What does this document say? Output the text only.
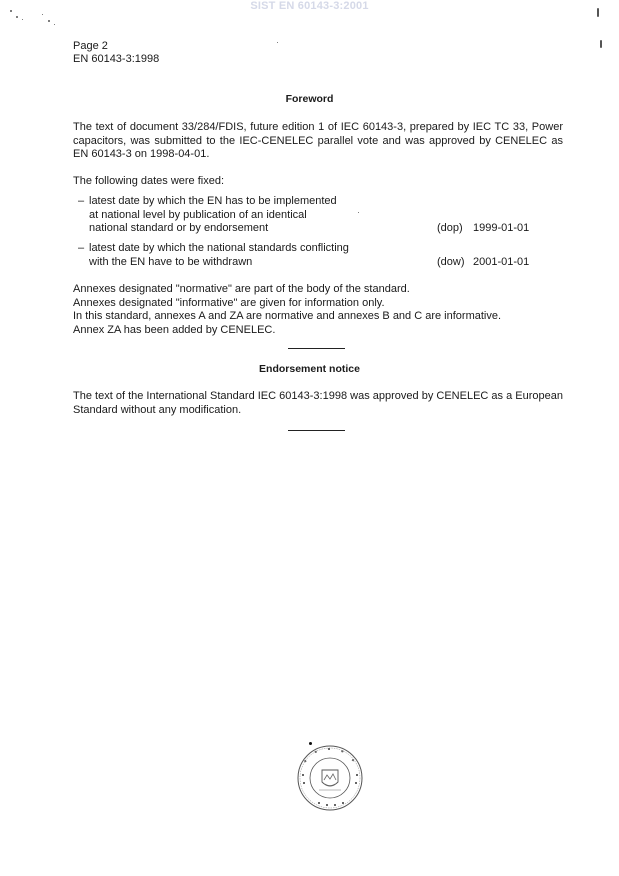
SIST EN 60143-3:2001
Page 2
EN 60143-3:1998
Foreword
The text of document 33/284/FDIS, future edition 1 of IEC 60143-3, prepared by IEC TC 33, Power capacitors, was submitted to the IEC-CENELEC parallel vote and was approved by CENELEC as EN 60143-3 on 1998-04-01.
The following dates were fixed:
– latest date by which the EN has to be implemented
at national level by publication of an identical
national standard or by endorsement	(dop) 1999-01-01
– latest date by which the national standards conflicting
with the EN have to be withdrawn	(dow) 2001-01-01
Annexes designated "normative" are part of the body of the standard.
Annexes designated "informative" are given for information only.
In this standard, annexes A and ZA are normative and annexes B and C are informative.
Annex ZA has been added by CENELEC.
Endorsement notice
The text of the International Standard IEC 60143-3:1998 was approved by CENELEC as a European Standard without any modification.
